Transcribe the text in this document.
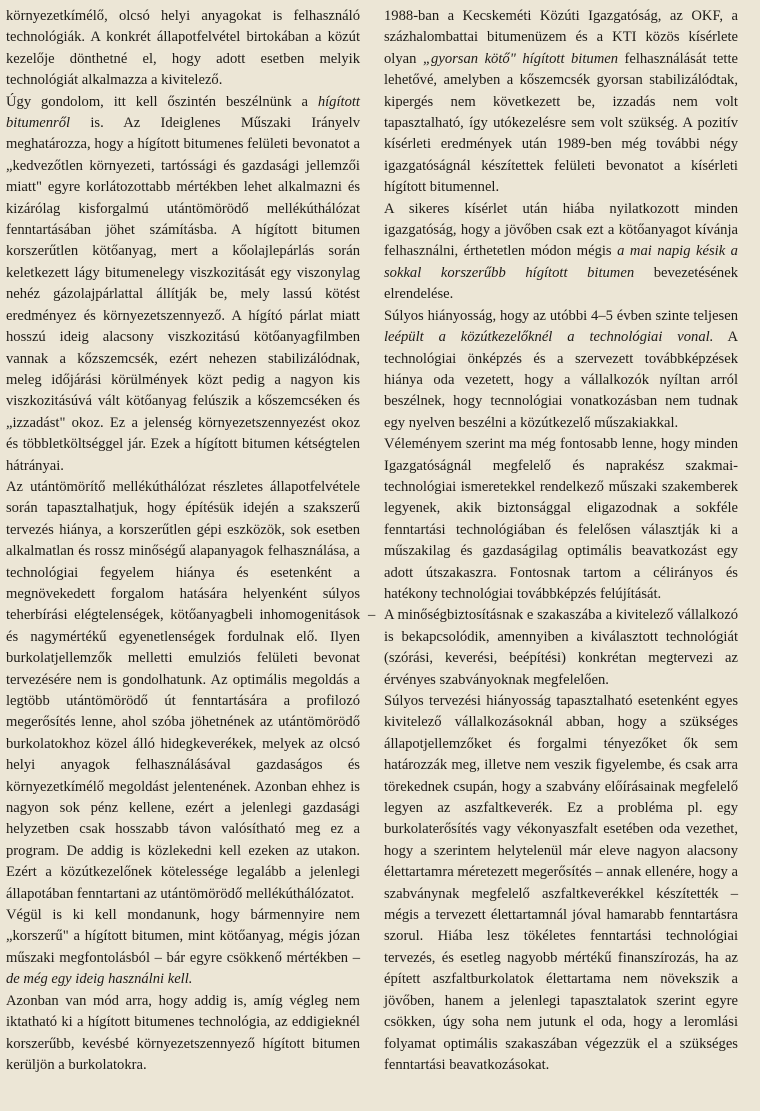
környezetkímélő, olcsó helyi anyagokat is felhasználó technológiák. A konkrét állapotfelvétel birtokában a közút kezelője dönthetné el, hogy adott esetben melyik technológiát alkalmazza a kivitelező.

Úgy gondolom, itt kell őszintén beszélnünk a hígított bitumenről is. Az Ideiglenes Műszaki Irányelv meghatározza, hogy a hígított bitumenes felületi bevonatot a „kedvezőtlen környezeti, tartóssági és gazdasági jellemzői miatt" egyre korlátozottabb mértékben lehet alkalmazni és kizárólag kisforgalmú utántömörödő mellékúthálózat fenntartásában jöhet számításba. A hígított bitumen korszerűtlen kötőanyag, mert a kőolajlepárlás során keletkezett lágy bitumenelegy viszkozitását egy viszonylag nehéz gázolajpárlattal állítják be, mely lassú kötést eredményez és környezetszennyező. A hígító párlat miatt hosszú ideig alacsony viszkozitású kötőanyagfilmben vannak a kőzszemcsék, ezért nehezen stabilizálódnak, meleg időjárási körülmények közt pedig a nagyon kis viszkozitásúvá vált kötőanyag felúszik a kőszemcséken és „izzadást" okoz. Ez a jelenség környezetszennyezést okoz és többletköltséggel jár. Ezek a hígított bitumen kétségtelen hátrányai.

Az utántömörítő mellékúthálózat részletes állapotfelvétele során tapasztalhatjuk, hogy építésük idején a szakszerű tervezés hiánya, a korszerűtlen gépi eszközök, sok esetben alkalmatlan és rossz minőségű alapanyagok felhasználása, a technológiai fegyelem hiánya és esetenként a megnövekedett forgalom hatására helyenként súlyos teherbírási elégtelenségek, kötőanyagbeli inhomogenitások és nagymértékű egyenetlenségek fordulnak elő. Ilyen burkolatjellemzők melletti emulziós felületi bevonat tervezésére nem is gondolhatunk. Az optimális megoldás a legtöbb utántömörödő út fenntartására a profilozó megerősítés lenne, ahol szóba jöhetnének az utántömörödő burkolatokhoz közel álló hidegkeverékek, melyek az olcsó helyi anyagok felhasználásával gazdaságos és környezetkímélő megoldást jelentenének. Azonban ehhez is nagyon sok pénz kellene, ezért a jelenlegi gazdasági helyzetben csak hosszabb távon valósítható meg ez a program. De addig is közlekedni kell ezeken az utakon. Ezért a közútkezelőnek kötelessége legalább a jelenlegi állapotában fenntartani az utántömörödő mellékúthálózatot.

Végül is ki kell mondanunk, hogy bármennyire nem „korszerű" a hígított bitumen, mint kötőanyag, mégis józan műszaki megfontolásból – bár egyre csökkenő mértékben – de még egy ideig használni kell.

Azonban van mód arra, hogy addig is, amíg végleg nem iktatható ki a hígított bitumenes technológia, az eddigieknél korszerűbb, kevésbé környezetszennyező hígított bitumen kerüljön a burkolatokra.

1988-ban a Kecskeméti Közúti Igazgatóság, az OKF, a százhalombattai bitumenüzem és a KTI közös kísérlete olyan „gyorsan kötő" hígított bitumen felhasználását tette lehetővé, amelyben a kőszemcsék gyorsan stabilizálódtak, kipergés nem következett be, izzadás nem volt tapasztalható, így utókezelésre sem volt szükség. A pozitív kísérleti eredmények után 1989-ben még további négy igazgatóságnál készítettek felületi bevonatot a kísérleti hígított bitumennel.

A sikeres kísérlet után hiába nyilatkozott minden igazgatóság, hogy a jövőben csak ezt a kötőanyagot kívánja felhasználni, érthetetlen módon mégis a mai napig késik a sokkal korszerűbb hígított bitumen bevezetésének elrendelése.

Súlyos hiányosság, hogy az utóbbi 4–5 évben szinte teljesen leépült a közútkezelőknél a technológiai vonal. A technológiai önképzés és a szervezett továbbképzések hiánya oda vezetett, hogy a vállalkozók nyíltan arról beszélnek, hogy tecnnológiai vonatkozásban nem tudnak egy nyelven beszélni a közútkezelő műszakiakkal.

Véleményem szerint ma még fontosabb lenne, hogy minden Igazgatóságnál megfelelő és naprakész szakmai-technológiai ismeretekkel rendelkező műszaki szakemberek legyenek, akik biztonsággal eligazodnak a sokféle fenntartási technológiában és felelősen választják ki a műszakilag és gazdaságilag optimális beavatkozást egy adott útszakaszra. Fontosnak tartom a célirányos és hatékony technológiai továbbképzés felújítását.

– A minőségbiztosításnak e szakaszába a kivitelező vállalkozó is bekapcsolódik, amennyiben a kiválasztott technológiát (szórási, keverési, beépítési) konkrétan megtervezi az érvényes szabványoknak megfelelően.

Súlyos tervezési hiányosság tapasztalható esetenként egyes kivitelező vállalkozásoknál abban, hogy a szükséges állapotjellemzőket és forgalmi tényezőket ők sem határozzák meg, illetve nem veszik figyelembe, és csak arra törekednek csupán, hogy a szabvány előírásainak megfelelő legyen az aszfaltkeverék. Ez a probléma pl. egy burkolaterősítés vagy vékonyaszfalt esetében oda vezethet, hogy a szerintem helytelenül már eleve nagyon alacsony élettartamra méretezett megerősítés – annak ellenére, hogy a szabványnak megfelelő aszfaltkeverékkel készítették – mégis a tervezett élettartamnál jóval hamarabb fenntartásra szorul. Hiába lesz tökéletes fenntartási technológiai tervezés, és esetleg nagyobb mértékű finanszírozás, ha az épített aszfaltburkolatok élettartama nem növekszik a jövőben, hanem a jelenlegi tapasztalatok szerint egyre csökken, úgy soha nem jutunk el oda, hogy a leromlási folyamat optimális szakaszában végezzük el a szükséges fenntartási beavatkozásokat.
